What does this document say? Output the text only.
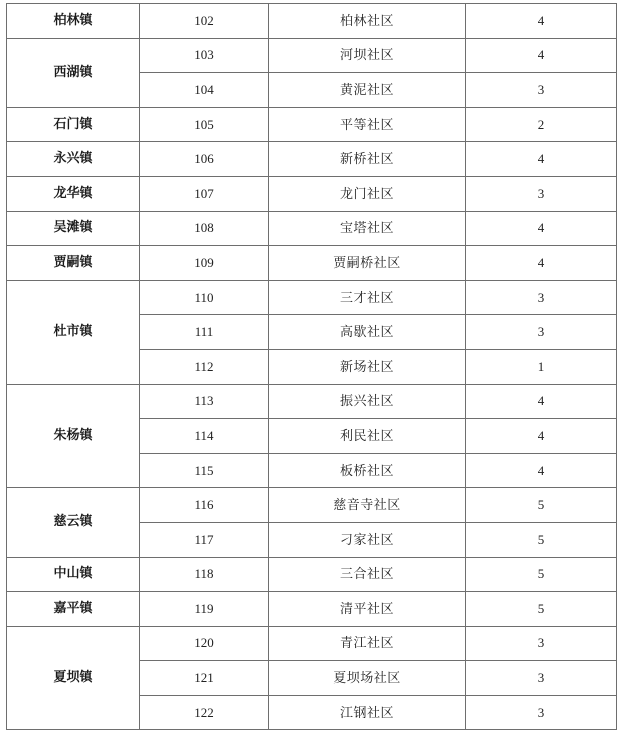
柏林镇	102	柏林社区	4
西湖镇	103	河坝社区	4
	104	黄泥社区	3
石门镇	105	平等社区	2
永兴镇	106	新桥社区	4
龙华镇	107	龙门社区	3
吴滩镇	108	宝塔社区	4
贾嗣镇	109	贾嗣桥社区	4
杜市镇	110	三才社区	3
	111	高歇社区	3
	112	新场社区	1
朱杨镇	113	振兴社区	4
	114	利民社区	4
	115	板桥社区	4
慈云镇	116	慈音寺社区	5
	117	刁家社区	5
中山镇	118	三合社区	5
嘉平镇	119	清平社区	5
夏坝镇	120	青江社区	3
	121	夏坝场社区	3
	122	江钢社区	3
